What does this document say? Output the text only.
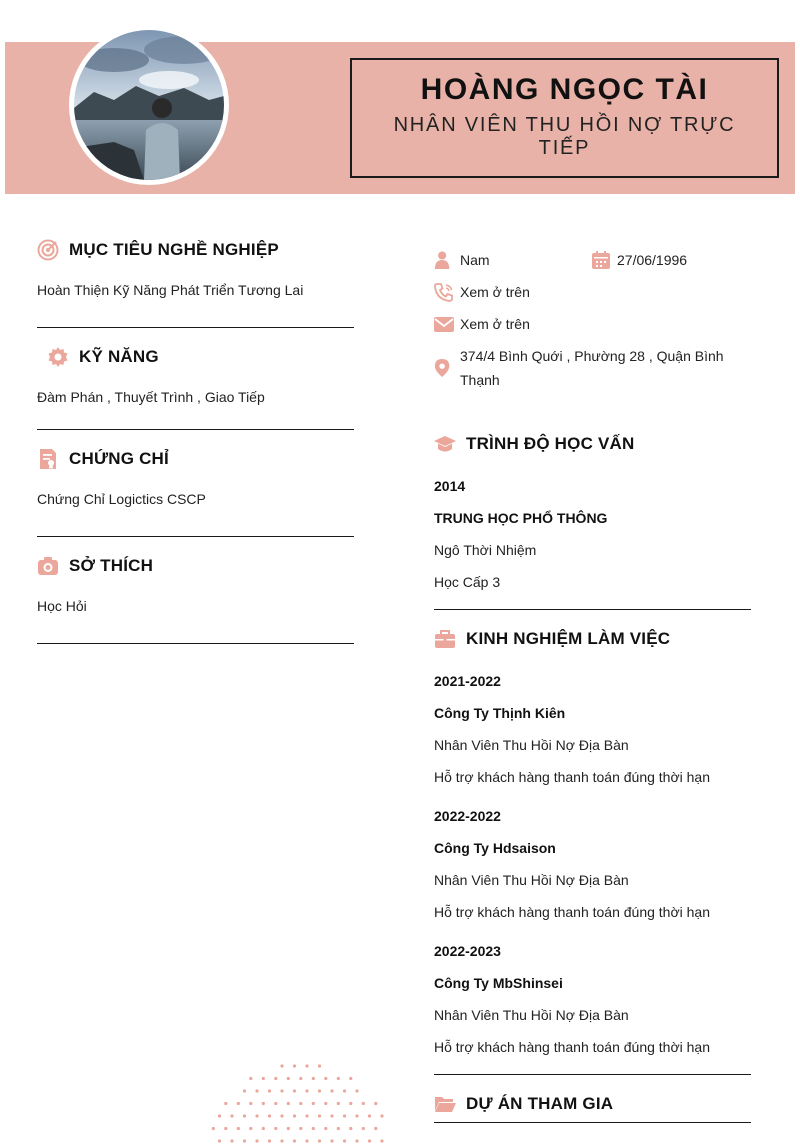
HOÀNG NGỌC TÀI
NHÂN VIÊN THU HỒI NỢ TRỰC TIẾP
MỤC TIÊU NGHỀ NGHIỆP
Hoàn Thiện Kỹ Năng Phát Triển Tương Lai
KỸ NĂNG
Đàm Phán , Thuyết Trình , Giao Tiếp
CHỨNG CHỈ
Chứng Chỉ Logictics CSCP
SỞ THÍCH
Học Hỏi
Nam	27/06/1996
Xem ở trên
Xem ở trên
374/4 Bình Quới , Phường 28 , Quận Bình Thạnh
TRÌNH ĐỘ HỌC VẤN
2014
TRUNG HỌC PHỔ THÔNG
Ngô Thời Nhiệm
Học Cấp 3
KINH NGHIỆM LÀM VIỆC
2021-2022
Công Ty Thịnh Kiên
Nhân Viên Thu Hồi Nợ Địa Bàn
Hỗ trợ khách hàng thanh toán đúng thời hạn
2022-2022
Công Ty Hdsaison
Nhân Viên Thu Hồi Nợ Địa Bàn
Hỗ trợ khách hàng thanh toán đúng thời hạn
2022-2023
Công Ty MbShinsei
Nhân Viên Thu Hồi Nợ Địa Bàn
Hỗ trợ khách hàng thanh toán đúng thời hạn
DỰ ÁN THAM GIA
